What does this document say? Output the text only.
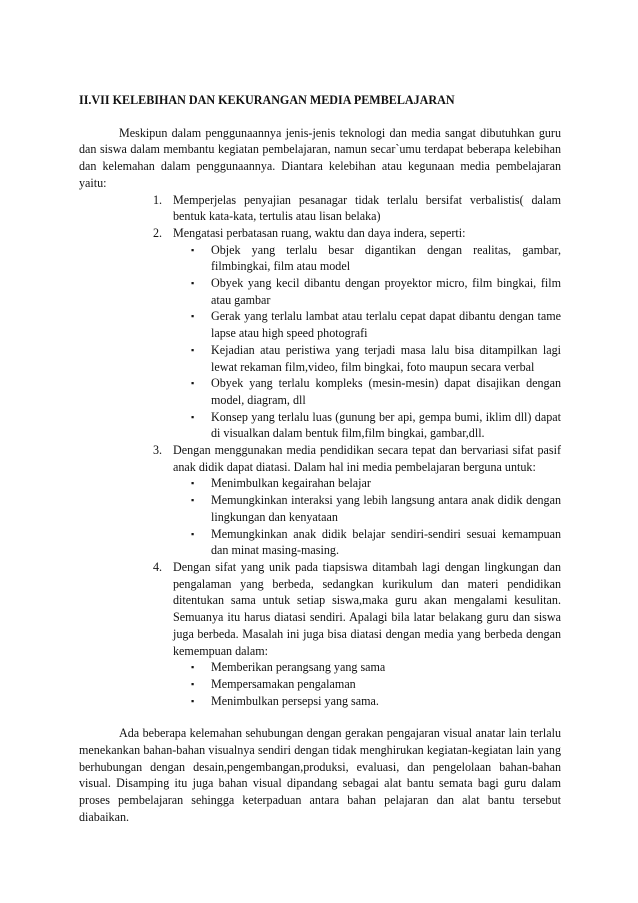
II.VII KELEBIHAN DAN KEKURANGAN MEDIA PEMBELAJARAN

Meskipun dalam penggunaannya jenis-jenis teknologi dan media sangat dibutuhkan guru dan siswa dalam membantu kegiatan pembelajaran, namun secar`umu terdapat beberapa kelebihan dan kelemahan dalam penggunaannya. Diantara kelebihan atau kegunaan media pembelajaran yaitu:

1. Memperjelas penyajian pesanagar tidak terlalu bersifat verbalistis( dalam bentuk kata-kata, tertulis atau lisan belaka)
2. Mengatasi perbatasan ruang, waktu dan daya indera, seperti:
▪ Objek yang terlalu besar digantikan dengan realitas, gambar, filmbingkai, film atau model
▪ Obyek yang kecil dibantu dengan proyektor micro, film bingkai, film atau gambar
▪ Gerak yang terlalu lambat atau terlalu cepat dapat dibantu dengan tame lapse atau high speed photografi
▪ Kejadian atau peristiwa yang terjadi masa lalu bisa ditampilkan lagi lewat rekaman film,video, film bingkai, foto maupun secara verbal
▪ Obyek yang terlalu kompleks (mesin-mesin) dapat disajikan dengan model, diagram, dll
▪ Konsep yang terlalu luas (gunung ber api, gempa bumi, iklim dll) dapat di visualkan dalam bentuk film,film bingkai, gambar,dll.
3. Dengan menggunakan media pendidikan secara tepat dan bervariasi sifat pasif anak didik dapat diatasi. Dalam hal ini media pembelajaran berguna untuk:
▪ Menimbulkan kegairahan belajar
▪ Memungkinkan interaksi yang lebih langsung antara anak didik dengan lingkungan dan kenyataan
▪ Memungkinkan anak didik belajar sendiri-sendiri sesuai kemampuan dan minat masing-masing.
4. Dengan sifat yang unik pada tiapsiswa ditambah lagi dengan lingkungan dan pengalaman yang berbeda, sedangkan kurikulum dan materi pendidikan ditentukan sama untuk setiap siswa,maka guru akan mengalami kesulitan. Semuanya itu harus diatasi sendiri. Apalagi bila latar belakang guru dan siswa juga berbeda. Masalah ini juga bisa diatasi dengan media yang berbeda dengan kemempuan dalam:
▪ Memberikan perangsang yang sama
▪ Mempersamakan pengalaman
▪ Menimbulkan persepsi yang sama.

Ada beberapa kelemahan sehubungan dengan gerakan pengajaran visual anatar lain terlalu menekankan bahan-bahan visualnya sendiri dengan tidak menghirukan kegiatan-kegiatan lain yang berhubungan dengan desain,pengembangan,produksi, evaluasi, dan pengelolaan bahan-bahan visual. Disamping itu juga bahan visual dipandang sebagai alat bantu semata bagi guru dalam proses pembelajaran sehingga keterpaduan antara bahan pelajaran dan alat bantu tersebut diabaikan.
